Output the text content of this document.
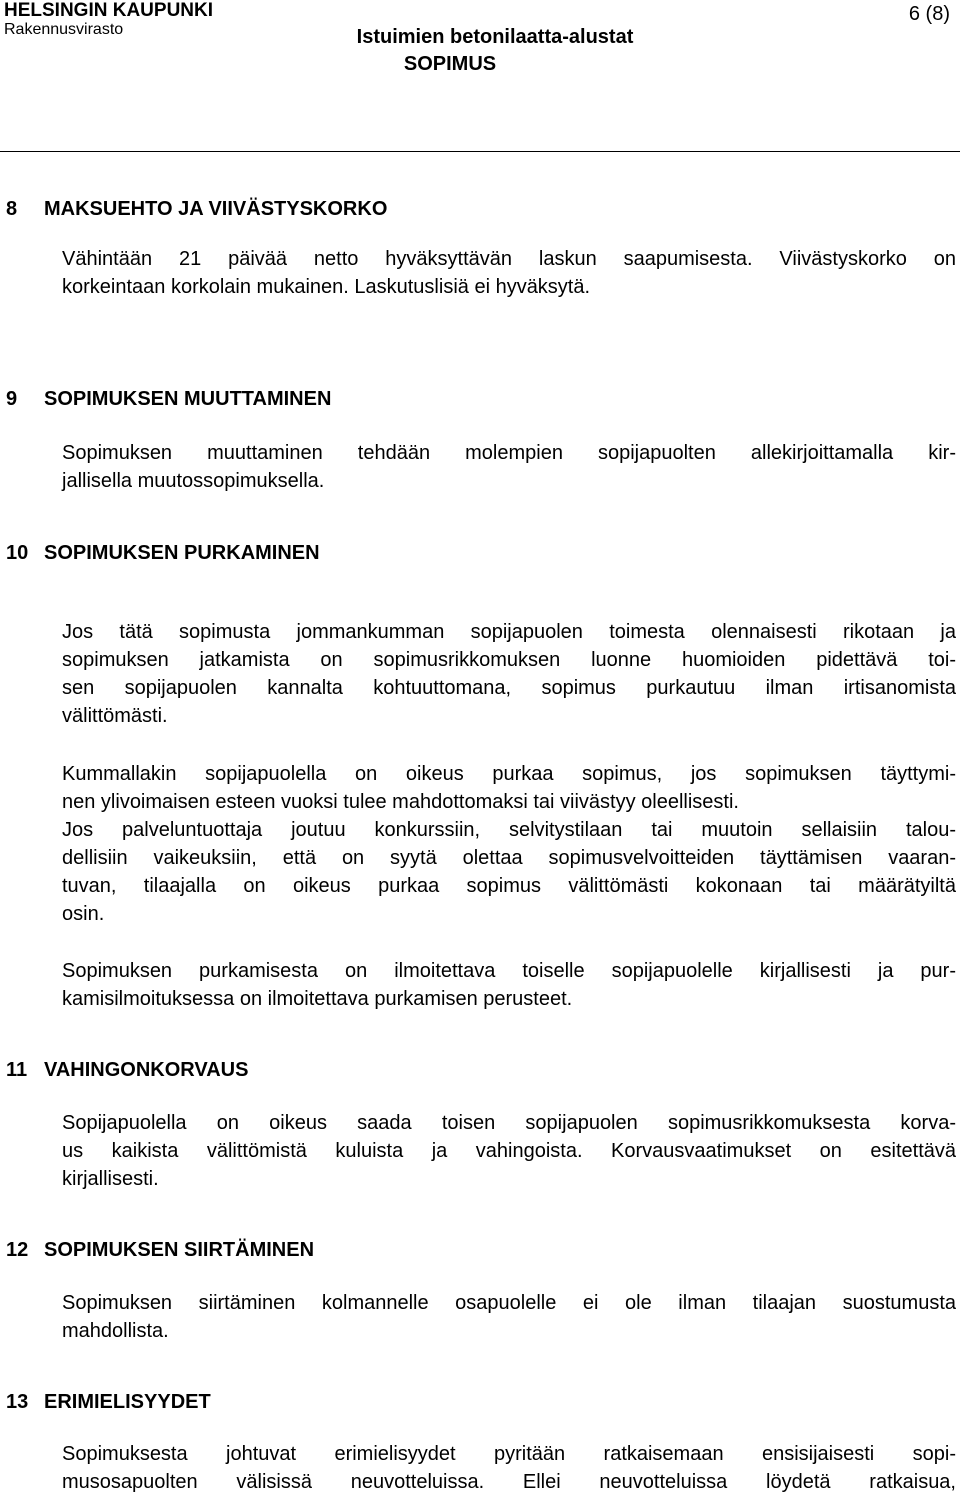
HELSINGIN KAUPUNKI
Rakennusvirasto
6 (8)
Istuimien betonilaatta-alustat
SOPIMUS
8 MAKSUEHTO JA VIIVÄSTYSKORKO
Vähintään 21 päivää netto hyväksyttävän laskun saapumisesta. Viivästyskorko on
korkeintaan korkolain mukainen. Laskutuslisiä ei hyväksytä.
9 SOPIMUKSEN MUUTTAMINEN
Sopimuksen muuttaminen tehdään molempien sopijapuolten allekirjoittamalla kir-
jallisella muutossopimuksella.
10 SOPIMUKSEN PURKAMINEN
Jos tätä sopimusta jommankumman sopijapuolen toimesta olennaisesti rikotaan ja
sopimuksen jatkamista on sopimusrikkomuksen luonne huomioiden pidettävä toi-
sen sopijapuolen kannalta kohtuuttomana, sopimus purkautuu ilman irtisanomista
välittömästi.
Kummallakin sopijapuolella on oikeus purkaa sopimus, jos sopimuksen täyttymi-
nen ylivoimaisen esteen vuoksi tulee mahdottomaksi tai viivästyy oleellisesti.
Jos palveluntuottaja joutuu konkurssiin, selvitystilaan tai muutoin sellaisiin talou-
dellisiin vaikeuksiin, että on syytä olettaa sopimusvelvoitteiden täyttämisen vaaran-
tuvan, tilaajalla on oikeus purkaa sopimus välittömästi kokonaan tai määrätyiltä
osin.
Sopimuksen purkamisesta on ilmoitettava toiselle sopijapuolelle kirjallisesti ja pur-
kamisilmoituksessa on ilmoitettava purkamisen perusteet.
11 VAHINGONKORVAUS
Sopijapuolella on oikeus saada toisen sopijapuolen sopimusrikkomuksesta korva-
us kaikista välittömistä kuluista ja vahingoista. Korvausvaatimukset on esitettävä
kirjallisesti.
12 SOPIMUKSEN SIIRTÄMINEN
Sopimuksen siirtäminen kolmannelle osapuolelle ei ole ilman tilaajan suostumusta
mahdollista.
13 ERIMIELISYYDET
Sopimuksesta johtuvat erimielisyydet pyritään ratkaisemaan ensisijaisesti sopi-
musosapuolten välisissä neuvotteluissa. Ellei neuvotteluissa löydetä ratkaisua,
